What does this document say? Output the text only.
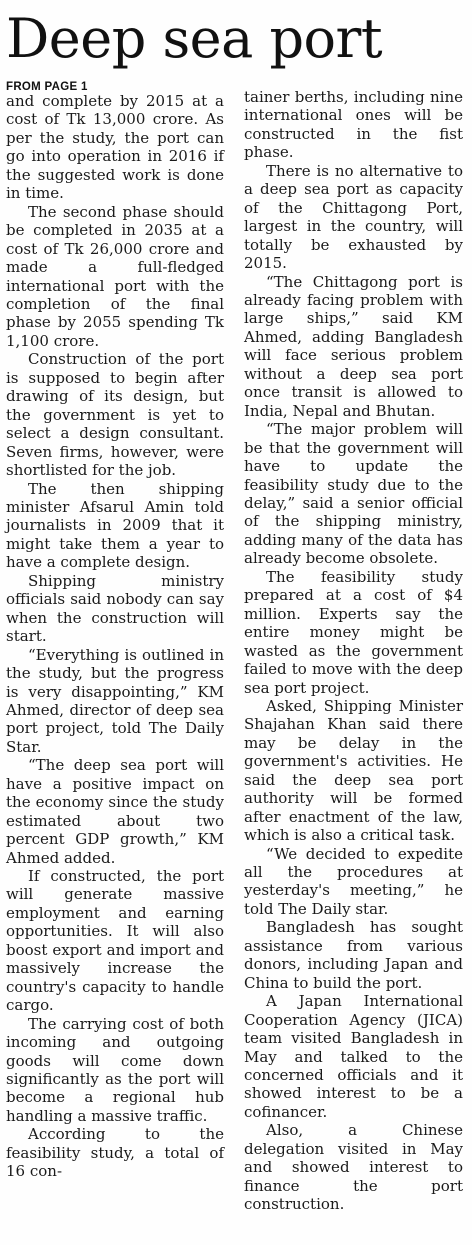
Deep sea port
FROM PAGE 1

and complete by 2015 at a cost of Tk 13,000 crore. As per the study, the port can go into operation in 2016 if the suggested work is done in time.

The second phase should be completed in 2035 at a cost of Tk 26,000 crore and made a full-fledged international port with the completion of the final phase by 2055 spending Tk 1,100 crore.

Construction of the port is supposed to begin after drawing of its design, but the government is yet to select a design consultant. Seven firms, however, were shortlisted for the job.

The then shipping minister Afsarul Amin told journalists in 2009 that it might take them a year to have a complete design.

Shipping ministry officials said nobody can say when the construction will start.

“Everything is outlined in the study, but the progress is very disappointing,” KM Ahmed, director of deep sea port project, told The Daily Star.

“The deep sea port will have a positive impact on the economy since the study estimated about two percent GDP growth,” KM Ahmed added.

If constructed, the port will generate massive employment and earning opportunities. It will also boost export and import and massively increase the country's capacity to handle cargo.

The carrying cost of both incoming and outgoing goods will come down significantly as the port will become a regional hub handling a massive traffic.

According to the feasibility study, a total of 16 con-

tainer berths, including nine international ones will be constructed in the fist phase.

There is no alternative to a deep sea port as capacity of the Chittagong Port, largest in the country, will totally be exhausted by 2015.

“The Chittagong port is already facing problem with large ships,” said KM Ahmed, adding Bangladesh will face serious problem without a deep sea port once transit is allowed to India, Nepal and Bhutan.

“The major problem will be that the government will have to update the feasibility study due to the delay,” said a senior official of the shipping ministry, adding many of the data has already become obsolete.

The feasibility study prepared at a cost of $4 million. Experts say the entire money might be wasted as the government failed to move with the deep sea port project.

Asked, Shipping Minister Shajahan Khan said there may be delay in the government's activities. He said the deep sea port authority will be formed after enactment of the law, which is also a critical task.

“We decided to expedite all the procedures at yesterday's meeting,” he told The Daily star.

Bangladesh has sought assistance from various donors, including Japan and China to build the port.

A Japan International Cooperation Agency (JICA) team visited Bangladesh in May and talked to the concerned officials and it showed interest to be a cofinancer.

Also, a Chinese delegation visited in May and showed interest to finance the port construction.
